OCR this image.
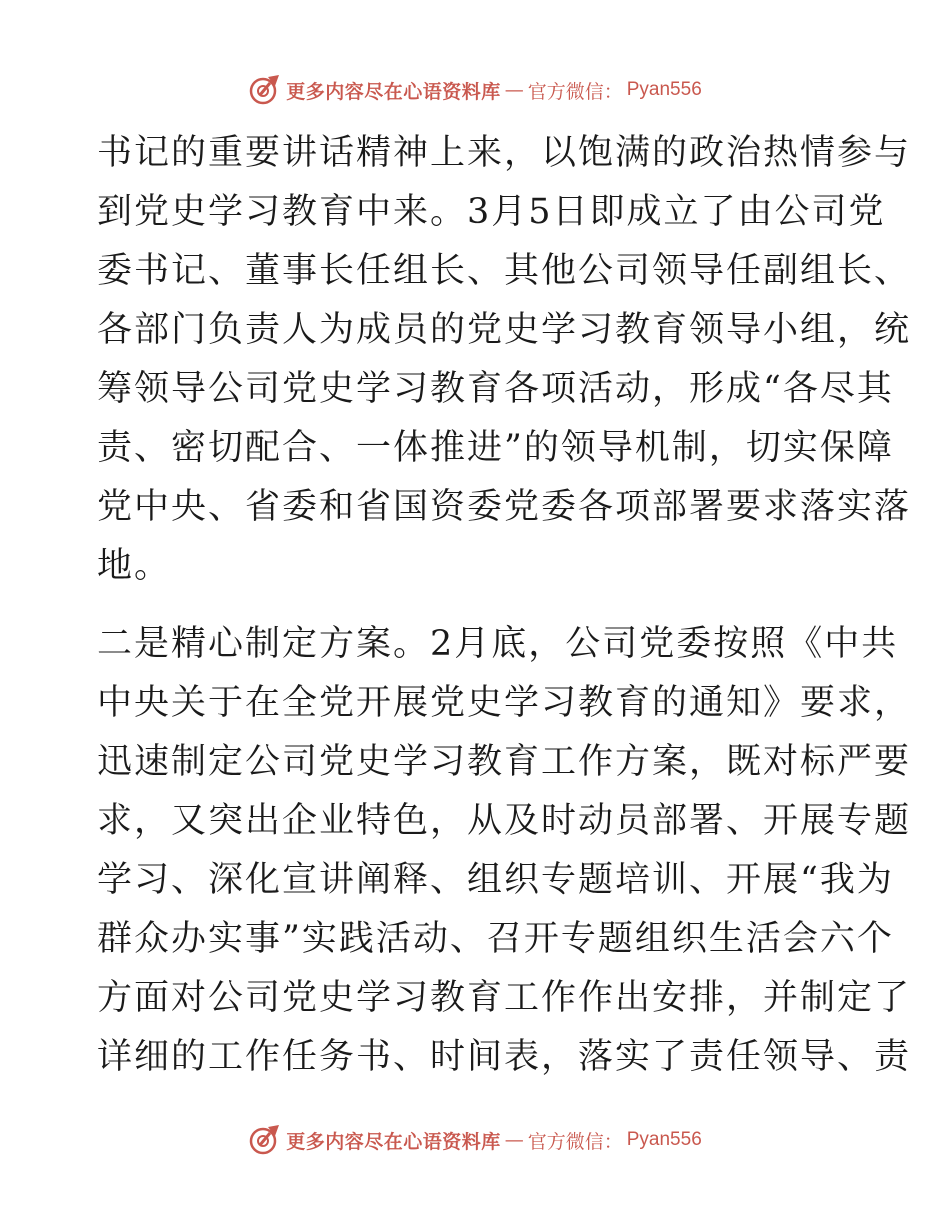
更多内容尽在心语资料库 — 官方微信： Pyan556
书记的重要讲话精神上来，以饱满的政治热情参与
到党史学习教育中来。3月5日即成立了由公司党
委书记、董事长任组长、其他公司领导任副组长、
各部门负责人为成员的党史学习教育领导小组，统
筹领导公司党史学习教育各项活动，形成“各尽其
责、密切配合、一体推进”的领导机制，切实保障
党中央、省委和省国资委党委各项部署要求落实落
地。
二是精心制定方案。2月底，公司党委按照《中共
中央关于在全党开展党史学习教育的通知》要求，
迅速制定公司党史学习教育工作方案，既对标严要
求，又突出企业特色，从及时动员部署、开展专题
学习、深化宣讲阐释、组织专题培训、开展“我为
群众办实事”实践活动、召开专题组织生活会六个
方面对公司党史学习教育工作作出安排，并制定了
详细的工作任务书、时间表，落实了责任领导、责
更多内容尽在心语资料库 — 官方微信： Pyan556
